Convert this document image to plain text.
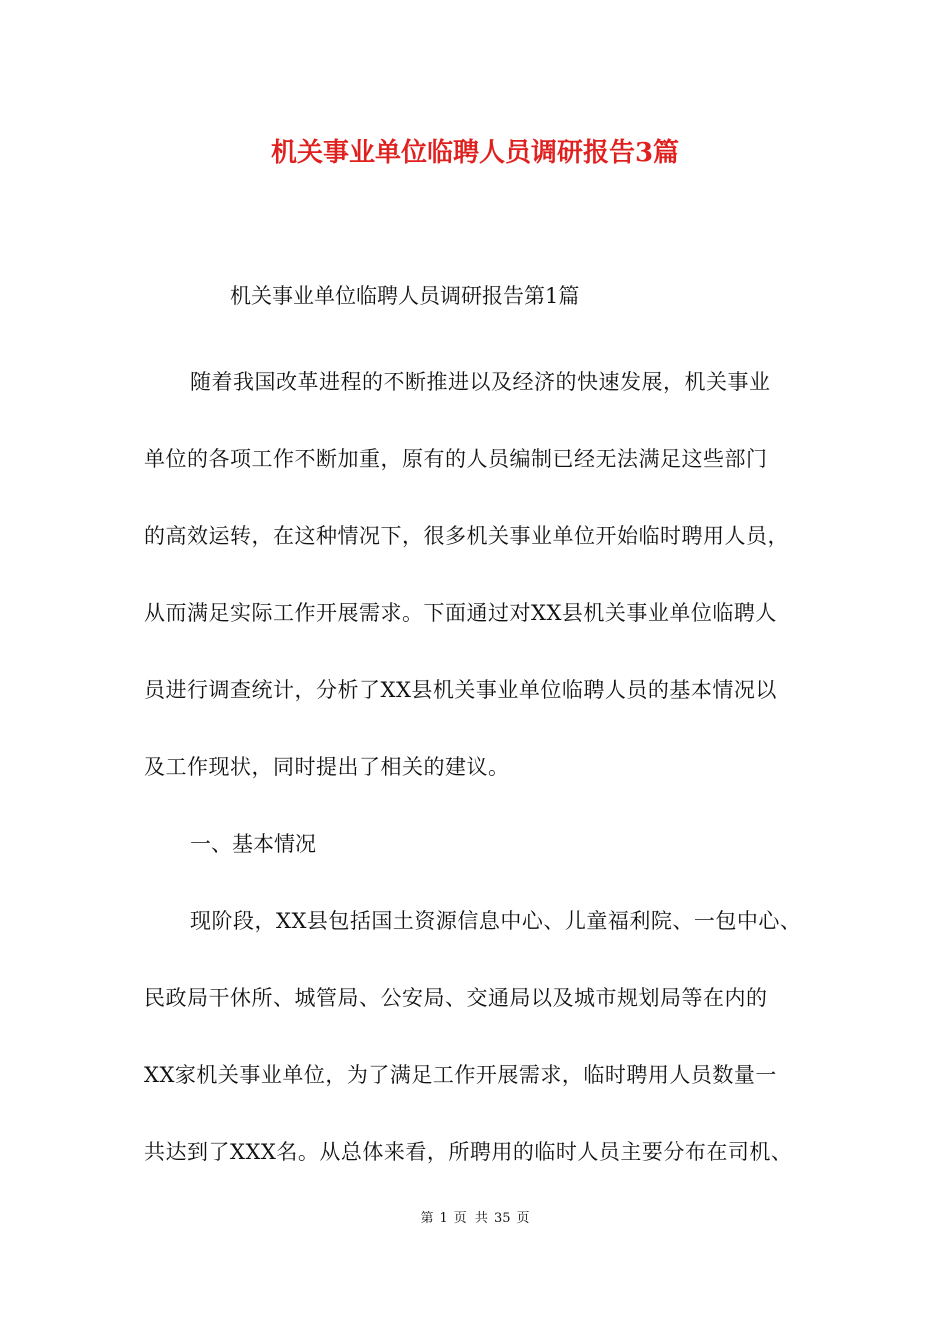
机关事业单位临聘人员调研报告3篇
机关事业单位临聘人员调研报告第1篇
随着我国改革进程的不断推进以及经济的快速发展，机关事业
单位的各项工作不断加重，原有的人员编制已经无法满足这些部门
的高效运转，在这种情况下，很多机关事业单位开始临时聘用人员，
从而满足实际工作开展需求。下面通过对XX县机关事业单位临聘人
员进行调查统计，分析了XX县机关事业单位临聘人员的基本情况以
及工作现状，同时提出了相关的建议。
一、基本情况
现阶段，XX县包括国土资源信息中心、儿童福利院、一包中心、
民政局干休所、城管局、公安局、交通局以及城市规划局等在内的
XX家机关事业单位，为了满足工作开展需求，临时聘用人员数量一
共达到了XXX名。从总体来看，所聘用的临时人员主要分布在司机、
第 1 页 共 35 页
